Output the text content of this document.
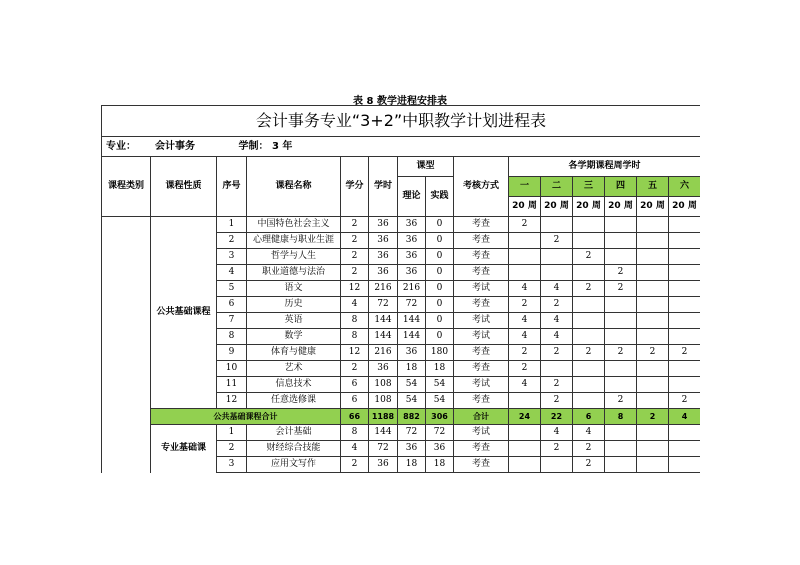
表 8 教学进程安排表
会计事务专业“3+2”中职教学计划进程表														
专业： 会计事务 学制： 3 年														
课程类别	课程性质	序号	课程名称	学分	学时	课型		考核方式	各学期课程周学时					
						理论	实践		一	二	三	四	五	六
									20 周	20 周	20 周	20 周	20 周	20 周
	公共基础课程	1	中国特色社会主义	2	36	36	0	考查	2					
		2	心理健康与职业生涯	2	36	36	0	考查		2				
		3	哲学与人生	2	36	36	0	考查			2			
		4	职业道德与法治	2	36	36	0	考查				2		
		5	语文	12	216	216	0	考试	4	4	2	2		
		6	历史	4	72	72	0	考查	2	2				
		7	英语	8	144	144	0	考试	4	4				
		8	数学	8	144	144	0	考试	4	4				
		9	体育与健康	12	216	36	180	考查	2	2	2	2	2	2
		10	艺术	2	36	18	18	考查	2					
		11	信息技术	6	108	54	54	考试	4	2				
		12	任意选修课	6	108	54	54	考查		2		2		2
	公共基础课程合计			66	1188	882	306	合计	24	22	6	8	2	4
	专业基础课	1	会计基础	8	144	72	72	考试		4	4			
		2	财经综合技能	4	72	36	36	考查		2	2			
		3	应用文写作	2	36	18	18	考查			2			
